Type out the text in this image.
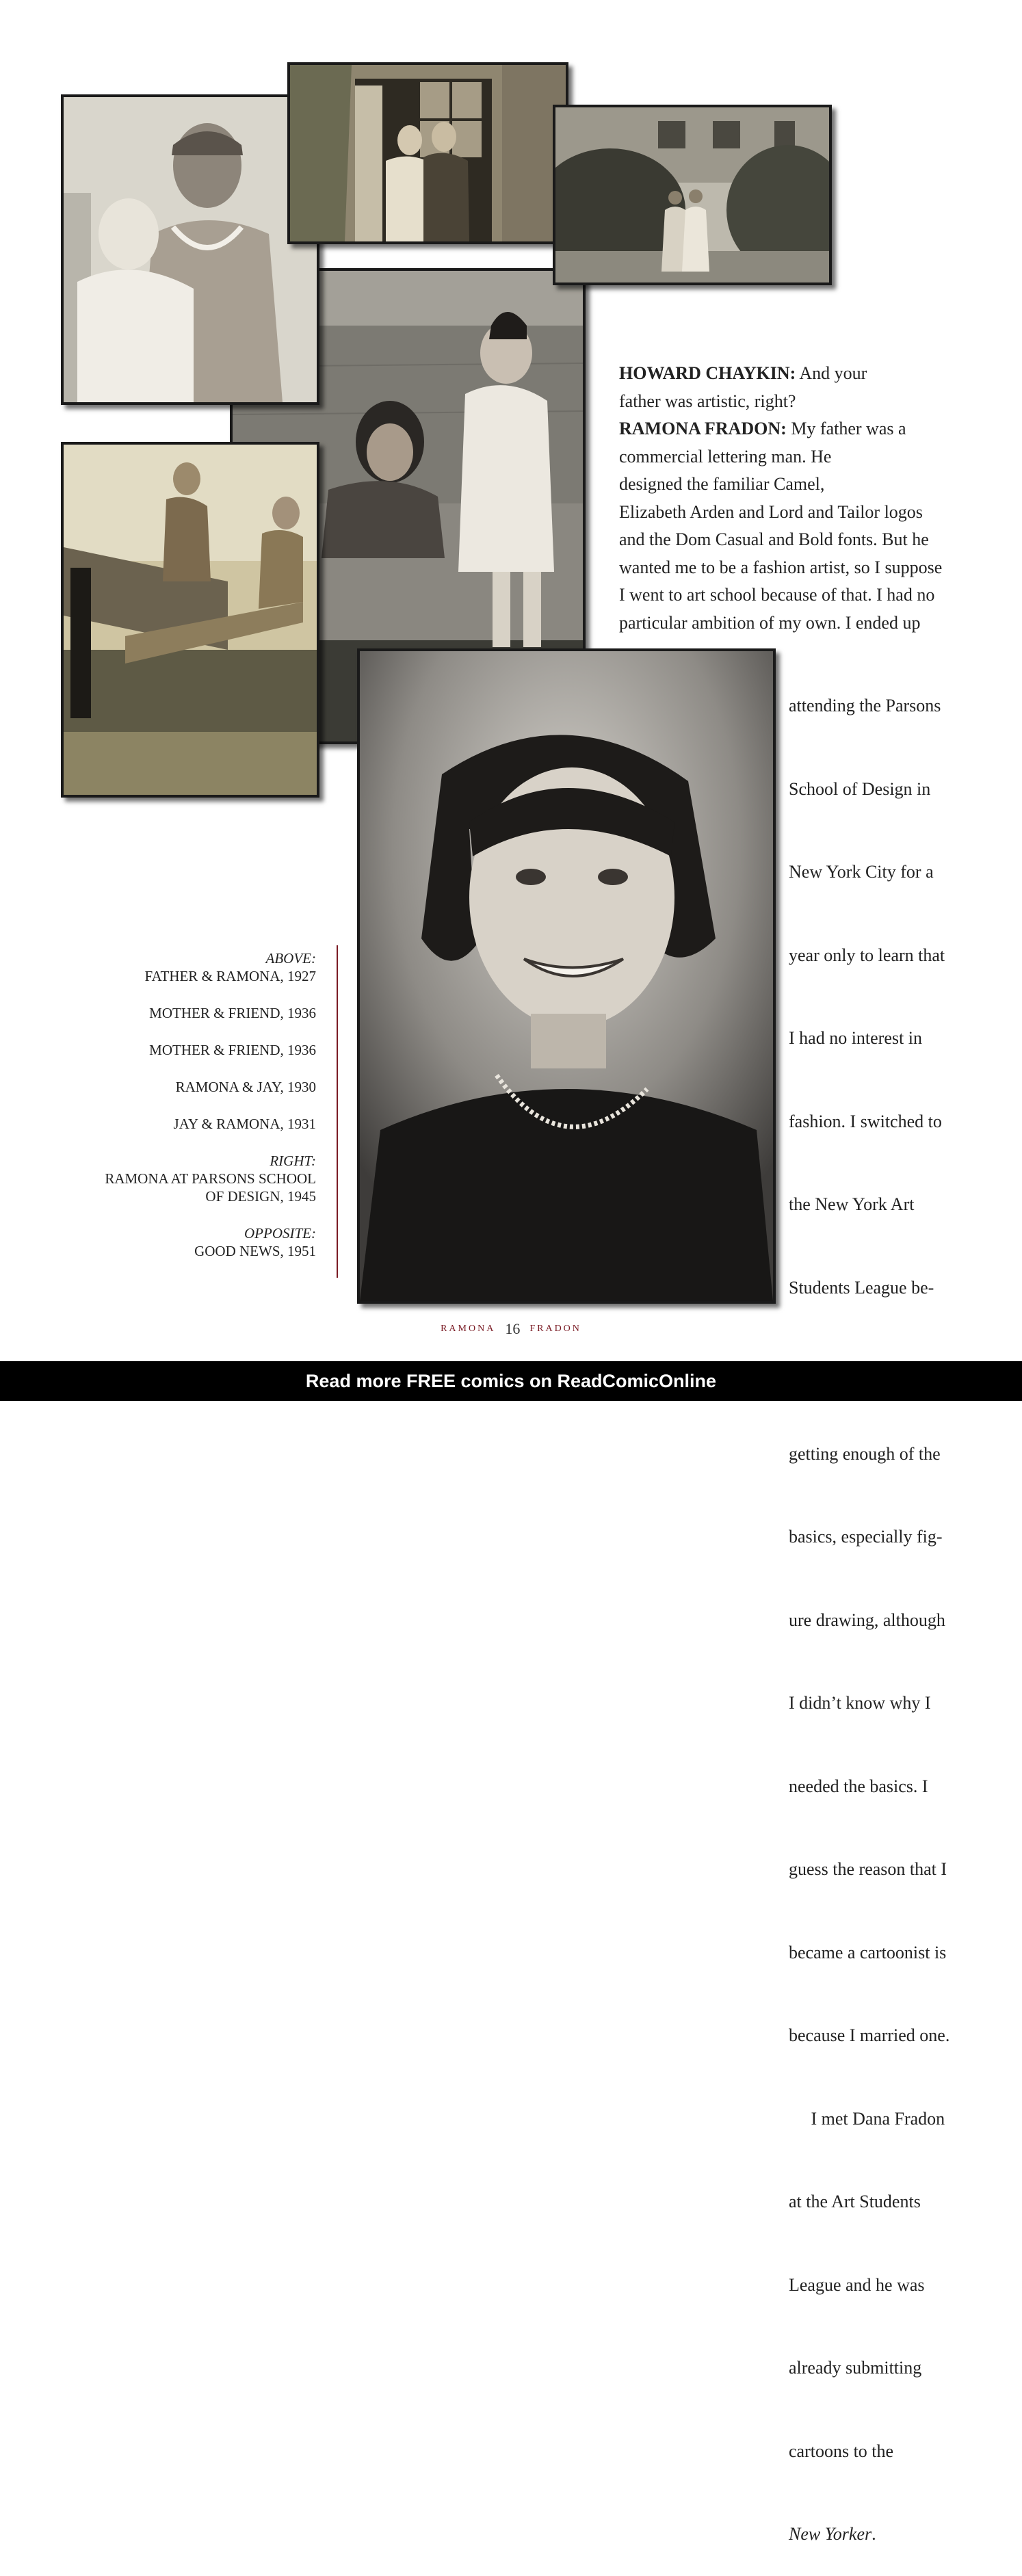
HOWARD CHAYKIN: And your
father was artistic, right?
RAMONA FRADON: My father was a
commercial lettering man. He
designed the familiar Camel,
Elizabeth Arden and Lord and Tailor logos
and the Dom Casual and Bold fonts. But he
wanted me to be a fashion artist, so I suppose
I went to art school because of that. I had no
particular ambition of my own. I ended up

attending the Parsons

School of Design in

New York City for a

year only to learn that

I had no interest in

fashion. I switched to

the New York Art

Students League be-

getting enough of the

basics, especially fig-

ure drawing, although

I didn’t know why I

needed the basics. I

guess the reason that I

became a cartoonist is

because I married one.

I met Dana Fradon

at the Art Students

League and he was

already submitting

cartoons to the

New Yorker.

ABOVE:
FATHER & RAMONA, 1927
MOTHER & FRIEND, 1936
MOTHER & FRIEND, 1936
RAMONA & JAY, 1930
JAY & RAMONA, 1931
RIGHT:
RAMONA AT PARSONS SCHOOL
OF DESIGN, 1945
OPPOSITE:
GOOD NEWS, 1951
RAMONA 16 FRADON
Read more FREE comics on ReadComicOnline
